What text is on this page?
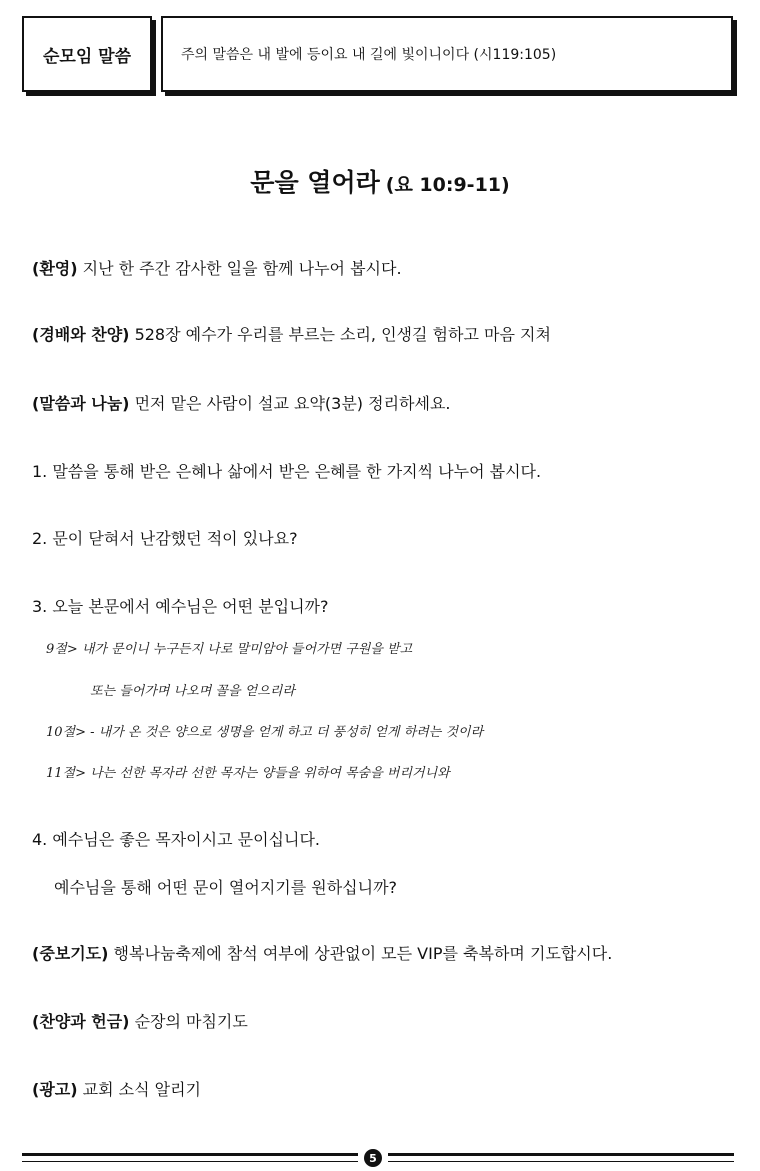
순모임 말씀	주의 말씀은 내 발에 등이요 내 길에 빛이니이다 (시119:105)
문을 열어라 (요 10:9-11)
(환영) 지난 한 주간 감사한 일을 함께 나누어 봅시다.
(경배와 찬양) 528장 예수가 우리를 부르는 소리, 인생길 험하고 마음 지쳐
(말씀과 나눔) 먼저 맡은 사람이 설교 요약(3분) 정리하세요.
1. 말씀을 통해 받은 은혜나 삶에서 받은 은혜를 한 가지씩 나누어 봅시다.
2. 문이 닫혀서 난감했던 적이 있나요?
3. 오늘 본문에서 예수님은 어떤 분입니까?
9절> 내가 문이니 누구든지 나로 말미암아 들어가면 구원을 받고
또는 들어가며 나오며 꼴을 얻으리라
10절> - 내가 온 것은 양으로 생명을 얻게 하고 더 풍성히 얻게 하려는 것이라
11절> 나는 선한 목자라 선한 목자는 양들을 위하여 목숨을 버리거니와
4. 예수님은 좋은 목자이시고 문이십니다.
예수님을 통해 어떤 문이 열어지기를 원하십니까?
(중보기도) 행복나눔축제에 참석 여부에 상관없이 모든 VIP를 축복하며 기도합시다.
(찬양과 헌금) 순장의 마침기도
(광고) 교회 소식 알리기
5
